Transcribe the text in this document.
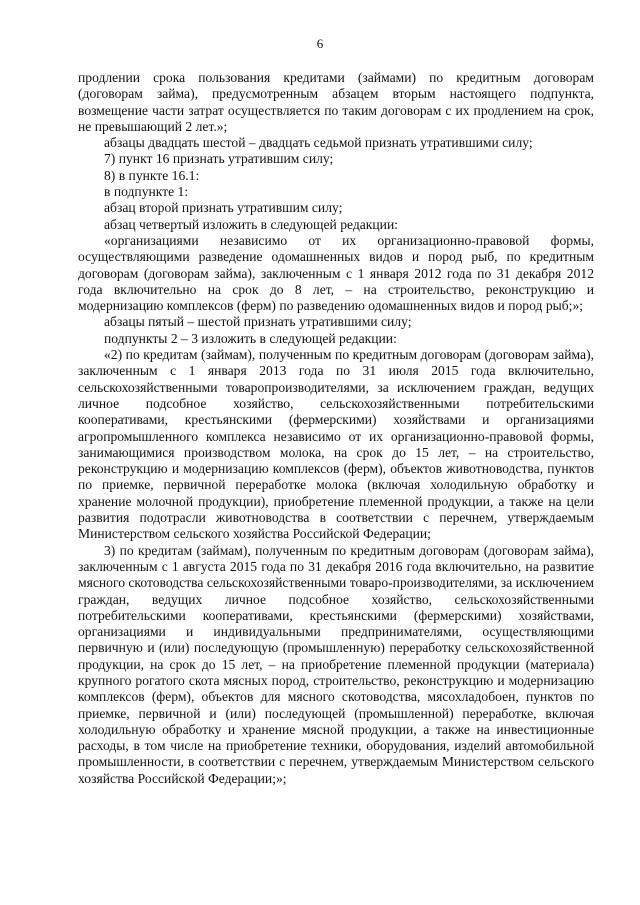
6

продлении срока пользования кредитами (займами) по кредитным договорам (договорам займа), предусмотренным абзацем вторым настоящего подпункта, возмещение части затрат осуществляется по таким договорам с их продлением на срок, не превышающий 2 лет.»;

абзацы двадцать шестой – двадцать седьмой признать утратившими силу;

7) пункт 16 признать утратившим силу;

8) в пункте 16.1:

в подпункте 1:

абзац второй признать утратившим силу;

абзац четвертый изложить в следующей редакции:

«организациями независимо от их организационно-правовой формы, осуществляющими разведение одомашненных видов и пород рыб, по кредитным договорам (договорам займа), заключенным с 1 января 2012 года по 31 декабря 2012 года включительно на срок до 8 лет, – на строительство, реконструкцию и модернизацию комплексов (ферм) по разведению одомашненных видов и пород рыб;»;

абзацы пятый – шестой признать утратившими силу;

подпункты 2 – 3 изложить в следующей редакции:

«2) по кредитам (займам), полученным по кредитным договорам (договорам займа), заключенным с 1 января 2013 года по 31 июля 2015 года включительно, сельскохозяйственными товаропроизводителями, за исключением граждан, ведущих личное подсобное хозяйство, сельскохозяйственными потребительскими кооперативами, крестьянскими (фермерскими) хозяйствами и организациями агропромышленного комплекса независимо от их организационно-правовой формы, занимающимися производством молока, на срок до 15 лет, – на строительство, реконструкцию и модернизацию комплексов (ферм), объектов животноводства, пунктов по приемке, первичной переработке молока (включая холодильную обработку и хранение молочной продукции), приобретение племенной продукции, а также на цели развития подотрасли животноводства в соответствии с перечнем, утверждаемым Министерством сельского хозяйства Российской Федерации;

3) по кредитам (займам), полученным по кредитным договорам (договорам займа), заключенным с 1 августа 2015 года по 31 декабря 2016 года включительно, на развитие мясного скотоводства сельскохозяйственными товаро-производителями, за исключением граждан, ведущих личное подсобное хозяйство, сельскохозяйственными потребительскими кооперативами, крестьянскими (фермерскими) хозяйствами, организациями и индивидуальными предпринимателями, осуществляющими первичную и (или) последующую (промышленную) переработку сельскохозяйственной продукции, на срок до 15 лет, – на приобретение племенной продукции (материала) крупного рогатого скота мясных пород, строительство, реконструкцию и модернизацию комплексов (ферм), объектов для мясного скотоводства, мясохладобоен, пунктов по приемке, первичной и (или) последующей (промышленной) переработке, включая холодильную обработку и хранение мясной продукции, а также на инвестиционные расходы, в том числе на приобретение техники, оборудования, изделий автомобильной промышленности, в соответствии с перечнем, утверждаемым Министерством сельского хозяйства Российской Федерации;»;
